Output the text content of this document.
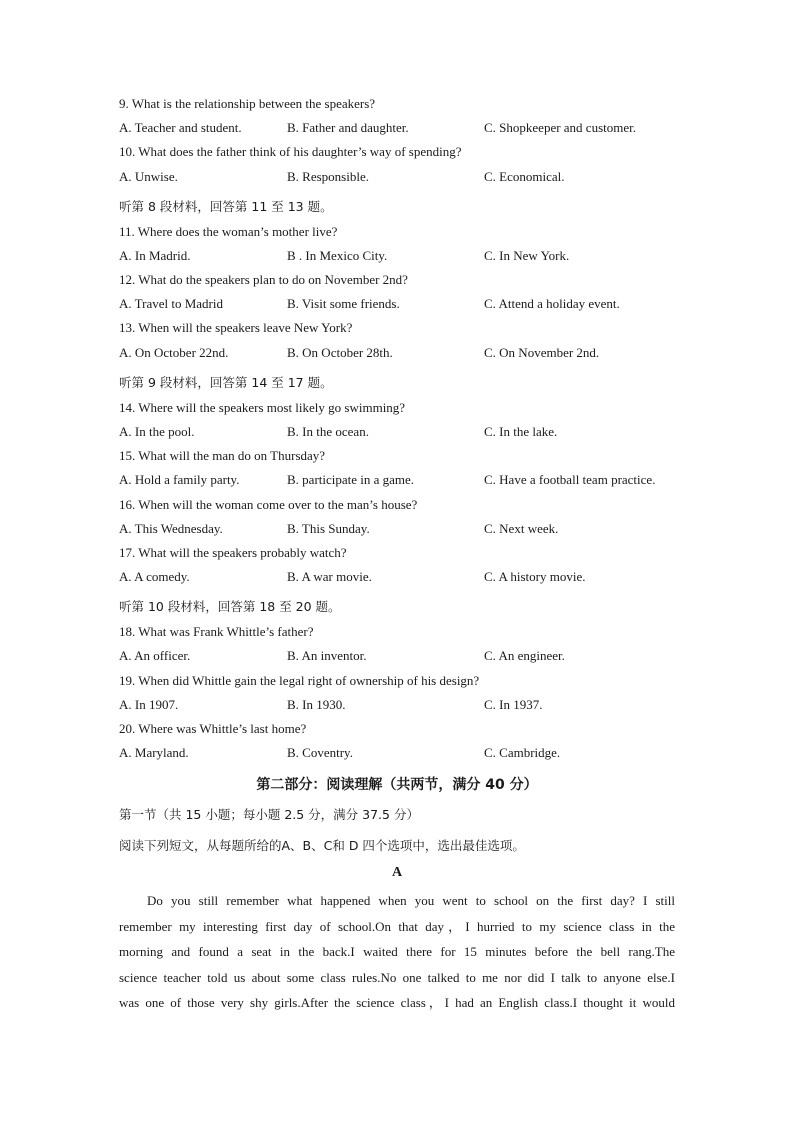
9. What is the relationship between the speakers?
A. Teacher and student.	B. Father and daughter.	C. Shopkeeper and customer.
10. What does the father think of his daughter’s way of spending?
A. Unwise.	B. Responsible.	C. Economical.
听第 8 段材料，回答第 11 至 13 题。
11. Where does the woman’s mother live?
A. In Madrid.	B . In Mexico City.	C. In New York.
12. What do the speakers plan to do on November 2nd?
A. Travel to Madrid	B. Visit some friends.	C. Attend a holiday event.
13. When will the speakers leave New York?
A. On October 22nd.	B. On October 28th.	C. On November 2nd.
听第 9 段材料，回答第 14 至 17 题。
14. Where will the speakers most likely go swimming?
A. In the pool.	B. In the ocean.	C. In the lake.
15. What will the man do on Thursday?
A. Hold a family party.	B. participate in a game.	C. Have a football team practice.
16. When will the woman come over to the man’s house?
A. This Wednesday.	B. This Sunday.	C. Next week.
17. What will the speakers probably watch?
A. A comedy.	B. A war movie.	C. A history movie.
听第 10 段材料，回答第 18 至 20 题。
18. What was Frank Whittle’s father?
A. An officer.	B. An inventor.	C. An engineer.
19. When did Whittle gain the legal right of ownership of his design?
A. In 1907.	B. In 1930.	C. In 1937.
20. Where was Whittle’s last home?
A. Maryland.	B. Coventry.	C. Cambridge.
第二部分：阅读理解（共两节，满分 40 分）
第一节（共 15 小题；每小题 2.5 分，满分 37.5 分）
阅读下列短文，从每题所给的A、B、C和 D 四个选项中，选出最佳选项。
A
Do you still remember what happened when you went to school on the first day? I still
remember my interesting first day of school.On that day，I hurried to my science class in the
morning and found a seat in the back.I waited there for 15 minutes before the bell rang.The
science teacher told us about some class rules.No one talked to me nor did I talk to anyone else.I
was one of those very shy girls.After the science class，I had an English class.I thought it would
